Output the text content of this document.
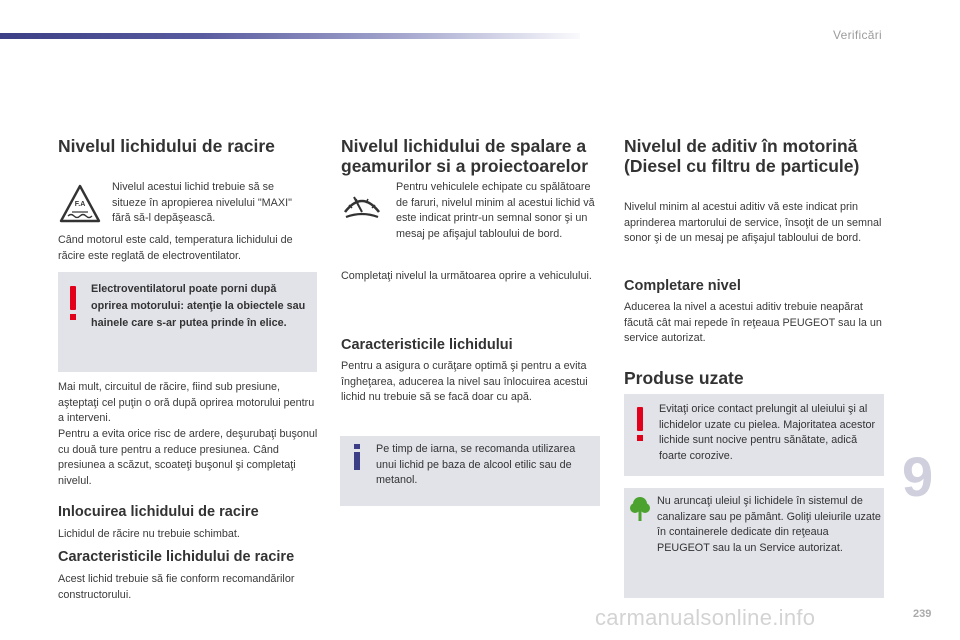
Verificări
Nivelul lichidului de racire
F.A

Nivelul acestui lichid trebuie să se situeze în apropierea nivelului "MAXI" fără să-l depăşească.

Când motorul este cald, temperatura lichidului de răcire este reglată de electroventilator.

Electroventilatorul poate porni după oprirea motorului: atenţie la obiectele sau hainele care s-ar putea prinde în elice.

Mai mult, circuitul de răcire, fiind sub presiune, aşteptaţi cel puţin o oră după oprirea motorului pentru a interveni.

Pentru a evita orice risc de ardere, deşurubaţi buşonul cu două ture pentru a reduce presiunea. Când presiunea a scăzut, scoateţi buşonul şi completaţi nivelul.

Inlocuirea lichidului de racire

Lichidul de răcire nu trebuie schimbat.

Caracteristicile lichidului de racire

Acest lichid trebuie să fie conform recomandărilor constructorului.

Nivelul lichidului de spalare a geamurilor si a proiectoarelor

Pentru vehiculele echipate cu spălătoare de faruri, nivelul minim al acestui lichid vă este indicat printr-un semnal sonor şi un mesaj pe afişajul tabloului de bord.

Completaţi nivelul la următoarea oprire a vehiculului.

Caracteristicile lichidului

Pentru a asigura o curăţare optimă şi pentru a evita îngheţarea, aducerea la nivel sau înlocuirea acestui lichid nu trebuie să se facă doar cu apă.

Pe timp de iarna, se recomanda utilizarea unui lichid pe baza de alcool etilic sau de metanol.
Nivelul de aditiv în motorină (Diesel cu filtru de particule)

Nivelul minim al acestui aditiv vă este indicat prin aprinderea martorului de service, însoţit de un semnal sonor şi de un mesaj pe afişajul tabloului de bord.

Completare nivel

Aducerea la nivel a acestui aditiv trebuie neapărat făcută cât mai repede în reţeaua PEUGEOT sau la un service autorizat.

Produse uzate
Evitaţi orice contact prelungit al uleiului şi al lichidelor uzate cu pielea. Majoritatea acestor lichide sunt nocive pentru sănătate, adică foarte corozive.
Nu aruncaţi uleiul şi lichidele în sistemul de canalizare sau pe pământ. Goliţi uleiurile uzate în containerele dedicate din reţeaua PEUGEOT sau la un Service autorizat.
9
carmanualsonline.info	239
